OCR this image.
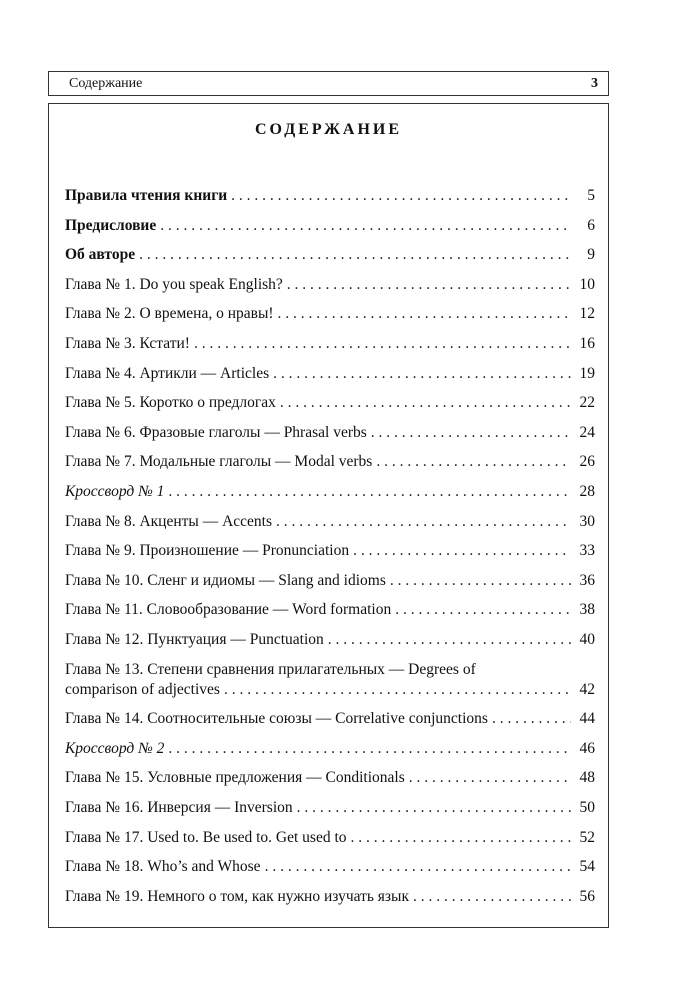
Содержание	3
СОДЕРЖАНИЕ
Правила чтения книги . . .	5
Предисловие . . .	6
Об авторе . . .	9
Глава № 1. Do you speak English? . . .	10
Глава № 2. О времена, о нравы! . . .	12
Глава № 3. Кстати! . . .	16
Глава № 4. Артикли — Articles . . .	19
Глава № 5. Коротко о предлогах . . .	22
Глава № 6. Фразовые глаголы — Phrasal verbs . . .	24
Глава № 7. Модальные глаголы — Modal verbs . . .	26
Кроссворд № 1 . . .	28
Глава № 8. Акценты — Accents . . .	30
Глава № 9. Произношение — Pronunciation . . .	33
Глава № 10. Сленг и идиомы — Slang and idioms . . .	36
Глава № 11. Словообразование — Word formation . . .	38
Глава № 12. Пунктуация — Punctuation . . .	40
Глава № 13. Степени сравнения прилагательных — Degrees of
comparison of adjectives . . .	42
Глава № 14. Соотносительные союзы — Correlative conjunctions . . .	44
Кроссворд № 2 . . .	46
Глава № 15. Условные предложения — Conditionals . . .	48
Глава № 16. Инверсия — Inversion . . .	50
Глава № 17. Used to. Be used to. Get used to . . .	52
Глава № 18. Who’s and Whose . . .	54
Глава № 19. Немного о том, как нужно изучать язык . . .	56
